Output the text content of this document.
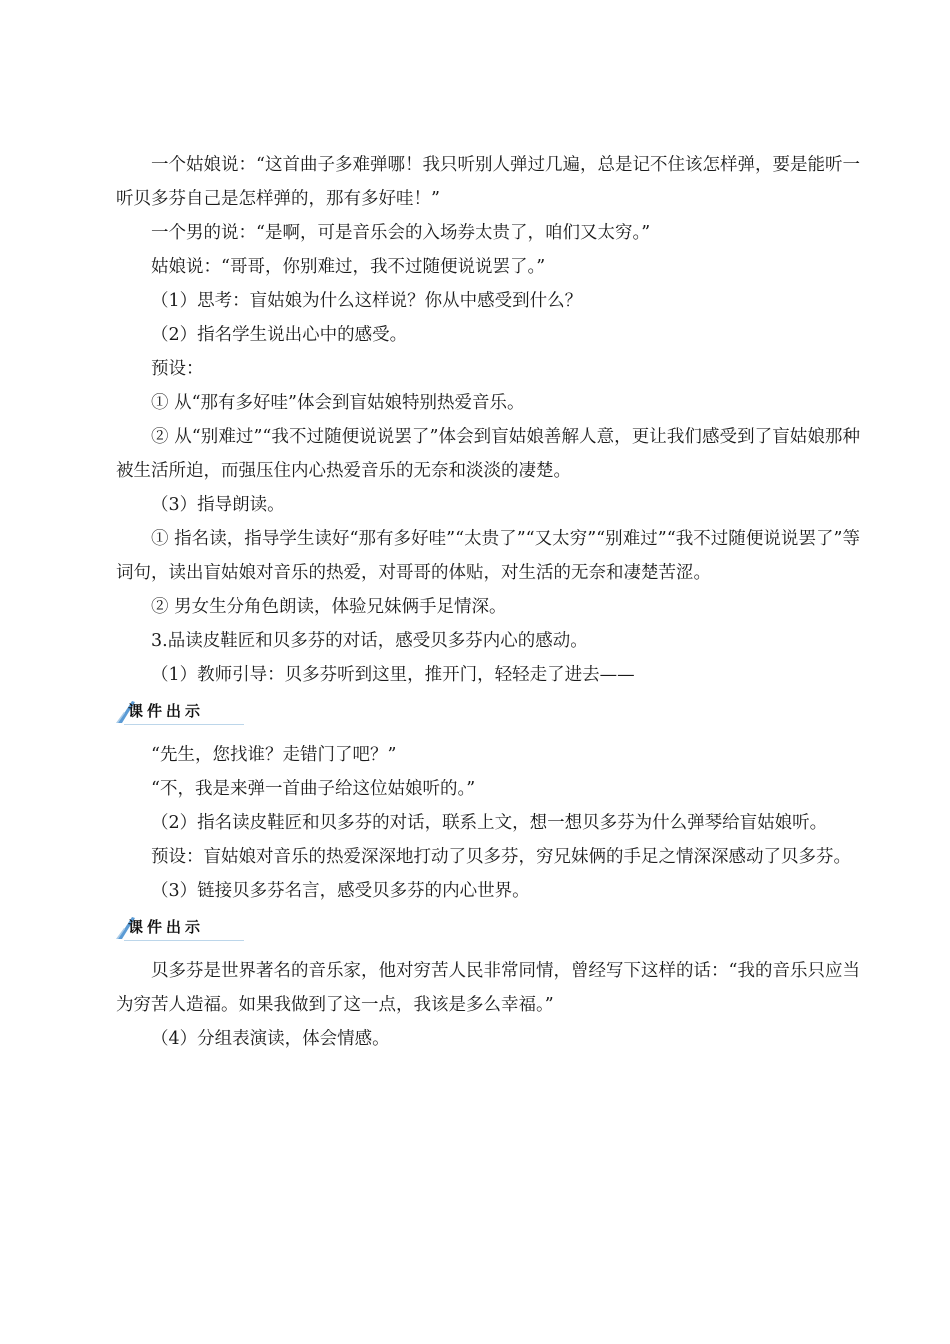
一个姑娘说：“这首曲子多难弹哪！我只听别人弹过几遍，总是记不住该怎样弹，要是能听一听贝多芬自己是怎样弹的，那有多好哇！”

一个男的说：“是啊，可是音乐会的入场券太贵了，咱们又太穷。”

姑娘说：“哥哥，你别难过，我不过随便说说罢了。”

（1）思考：盲姑娘为什么这样说？你从中感受到什么？

（2）指名学生说出心中的感受。

预设：

① 从“那有多好哇”体会到盲姑娘特别热爱音乐。

② 从“别难过”“我不过随便说说罢了”体会到盲姑娘善解人意，更让我们感受到了盲姑娘那种被生活所迫，而强压住内心热爱音乐的无奈和淡淡的凄楚。

（3）指导朗读。

① 指名读，指导学生读好“那有多好哇”“太贵了”“又太穷”“别难过”“我不过随便说说罢了”等词句，读出盲姑娘对音乐的热爱，对哥哥的体贴，对生活的无奈和凄楚苦涩。

② 男女生分角色朗读，体验兄妹俩手足情深。

3.品读皮鞋匠和贝多芬的对话，感受贝多芬内心的感动。

（1）教师引导：贝多芬听到这里，推开门，轻轻走了进去——

课件出示

“先生，您找谁？走错门了吧？”

“不，我是来弹一首曲子给这位姑娘听的。”

（2）指名读皮鞋匠和贝多芬的对话，联系上文，想一想贝多芬为什么弹琴给盲姑娘听。

预设：盲姑娘对音乐的热爱深深地打动了贝多芬，穷兄妹俩的手足之情深深感动了贝多芬。

（3）链接贝多芬名言，感受贝多芬的内心世界。

课件出示

贝多芬是世界著名的音乐家，他对穷苦人民非常同情，曾经写下这样的话：“我的音乐只应当为穷苦人造福。如果我做到了这一点，我该是多么幸福。”

（4）分组表演读，体会情感。
